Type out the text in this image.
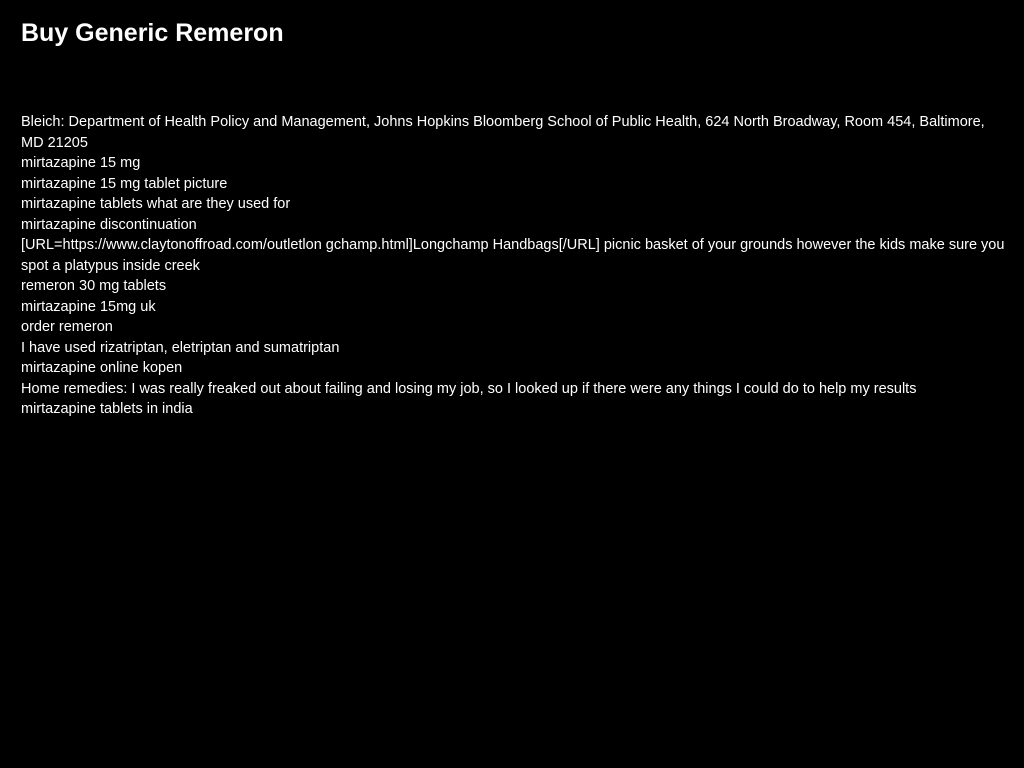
Buy Generic Remeron

Bleich: Department of Health Policy and Management, Johns Hopkins Bloomberg School of Public Health, 624 North Broadway, Room 454, Baltimore, MD 21205

mirtazapine 15 mg

mirtazapine 15 mg tablet picture

mirtazapine tablets what are they used for

mirtazapine discontinuation

[URL=https://www.claytonoffroad.com/outletlon gchamp.html]Longchamp Handbags[/URL] picnic basket of your grounds however the kids make sure you spot a platypus inside creek

remeron 30 mg tablets

mirtazapine 15mg uk

order remeron

I have used rizatriptan, eletriptan and sumatriptan

mirtazapine online kopen

Home remedies: I was really freaked out about failing and losing my job, so I looked up if there were any things I could do to help my results

mirtazapine tablets in india
